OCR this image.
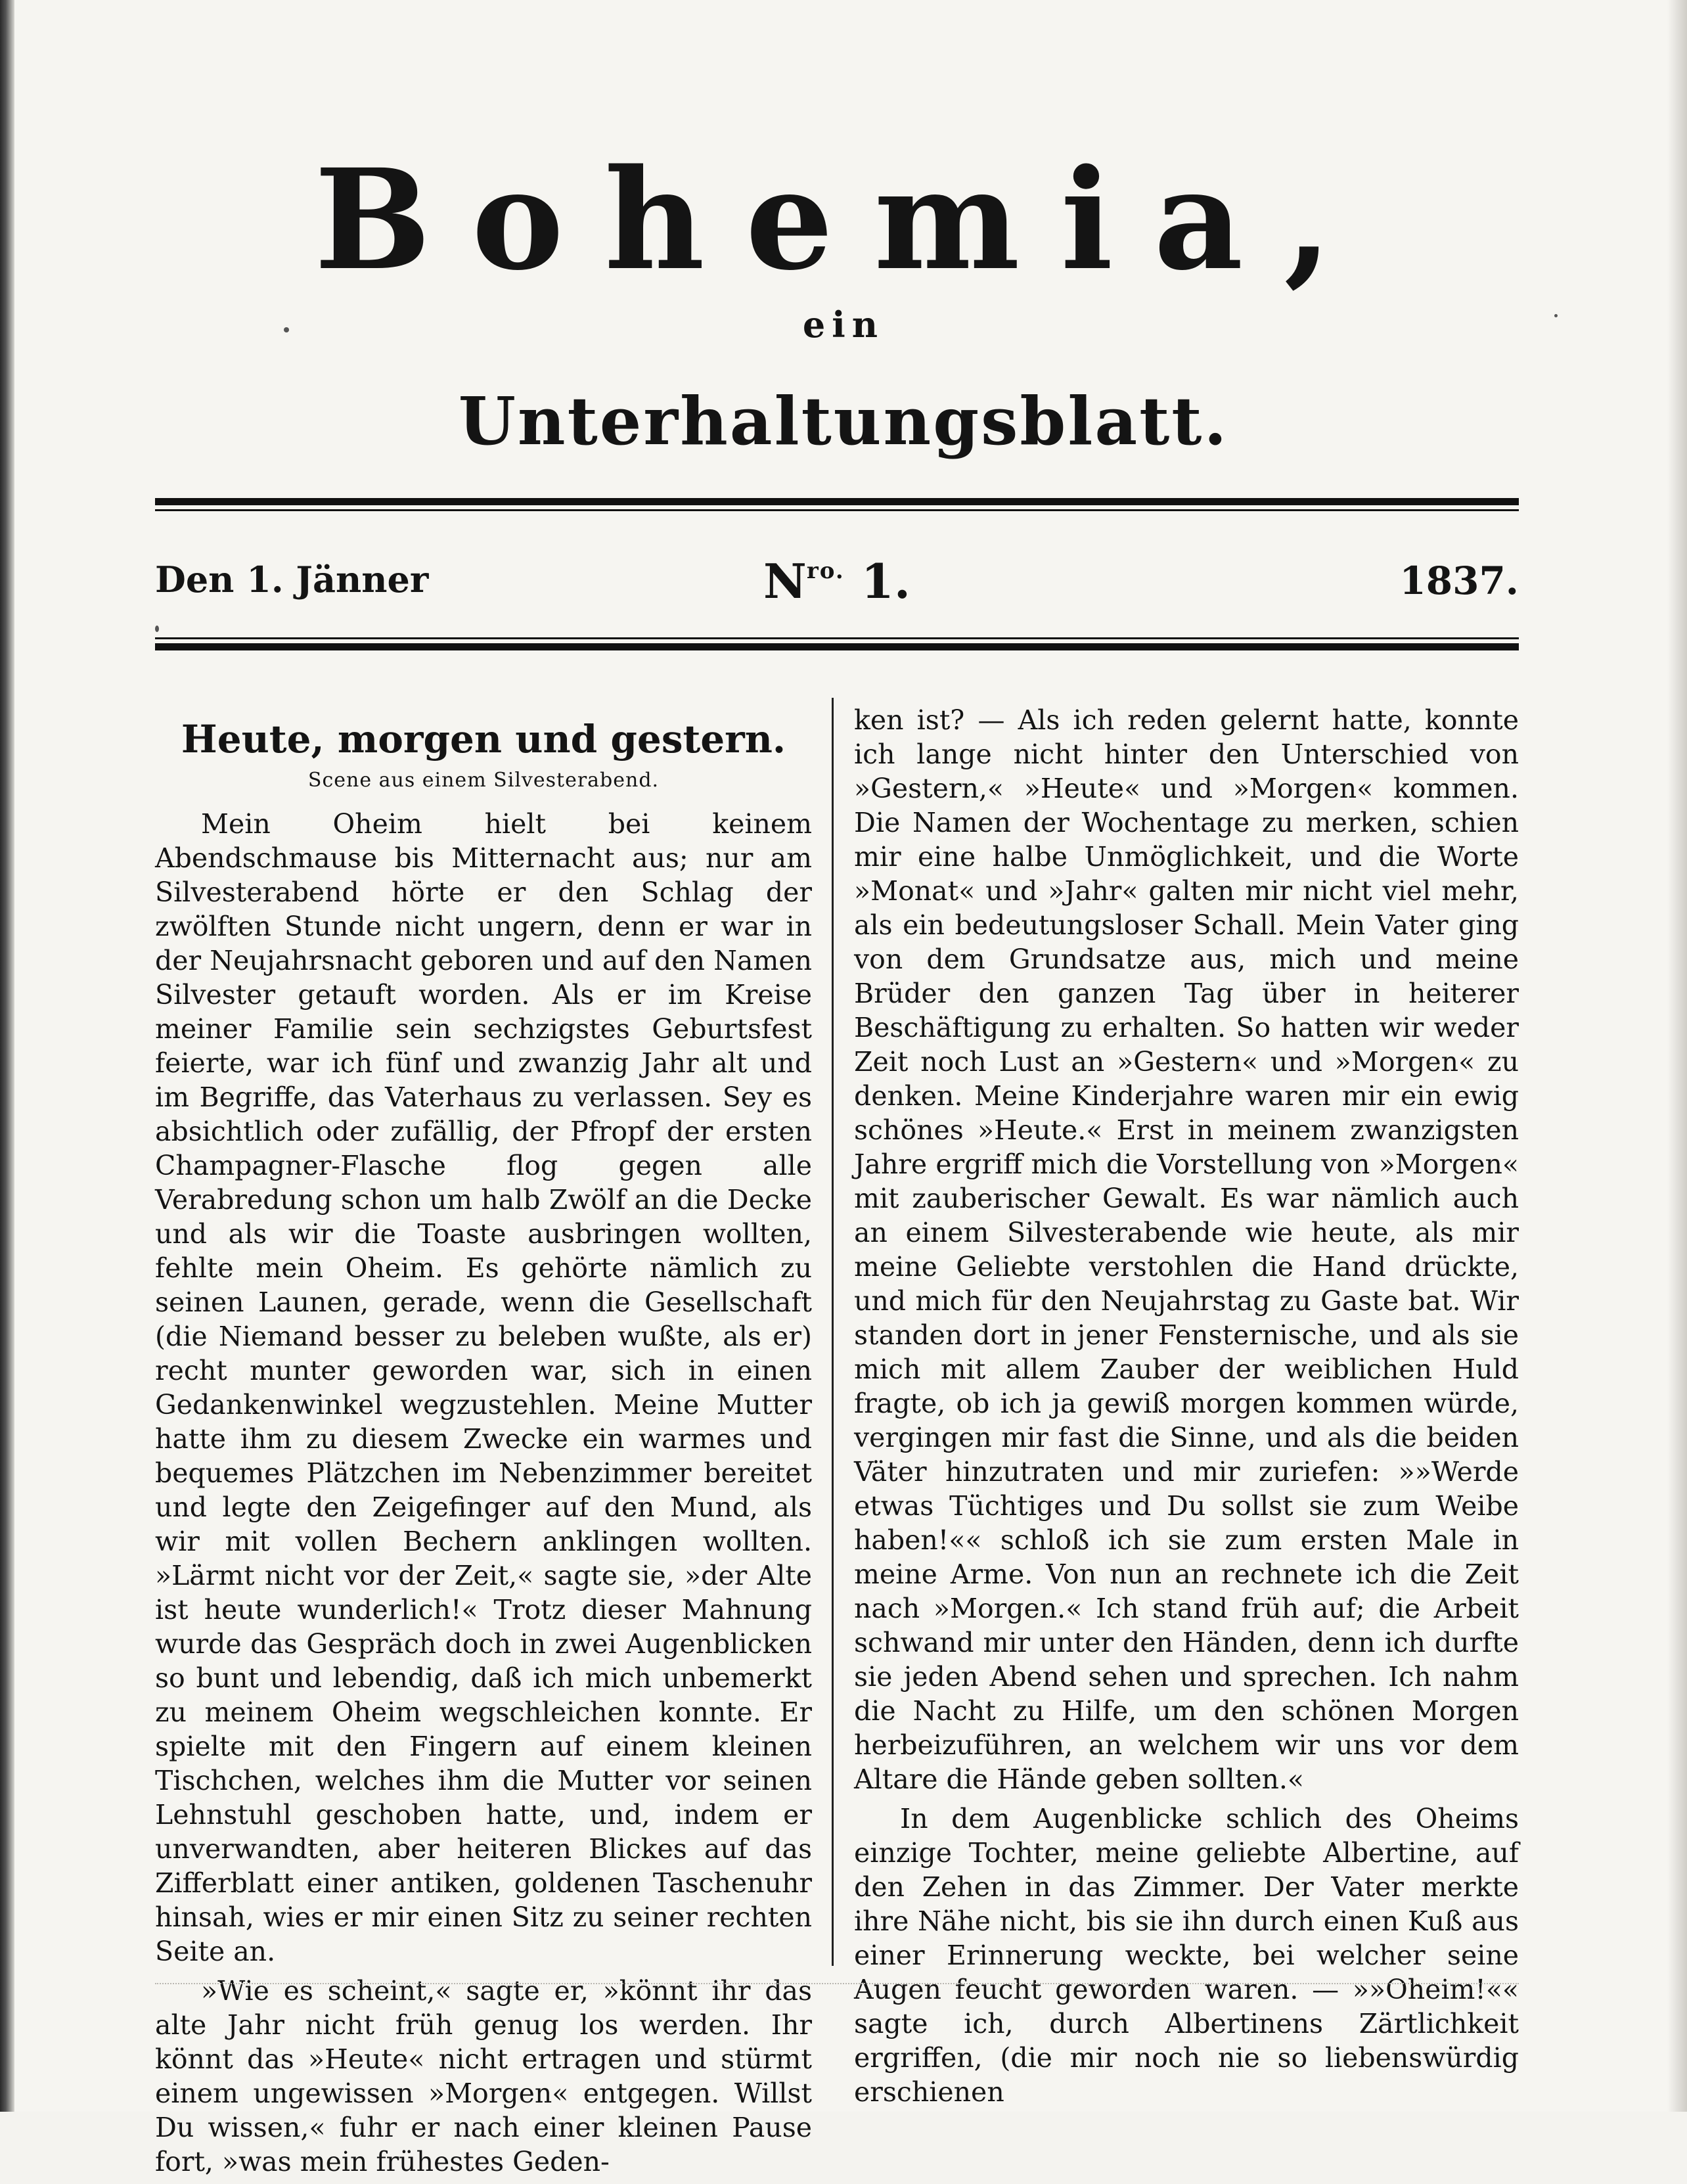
Bohemia,
ein
Unterhaltungsblatt.
Den 1. Jänner	$N^{ro.}$ 1.	1837.
Heute, morgen und gestern.
Scene aus einem Silvesterabend.

Mein Oheim hielt bei keinem Abendschmause bis Mitternacht aus; nur am Silvesterabend hörte er den Schlag der zwölften Stunde nicht ungern, denn er war in der Neujahrsnacht geboren und auf den Namen Silvester getauft worden. Als er im Kreise meiner Familie sein sechzigstes Geburtsfest feierte, war ich fünf und zwanzig Jahr alt und im Begriffe, das Vaterhaus zu verlassen. Sey es absichtlich oder zufällig, der Pfropf der ersten Champagner-Flasche flog gegen alle Verabredung schon um halb Zwölf an die Decke und als wir die Toaste ausbringen wollten, fehlte mein Oheim. Es gehörte nämlich zu seinen Launen, gerade, wenn die Gesellschaft (die Niemand besser zu beleben wußte, als er) recht munter geworden war, sich in einen Gedankenwinkel wegzustehlen. Meine Mutter hatte ihm zu diesem Zwecke ein warmes und bequemes Plätzchen im Nebenzimmer bereitet und legte den Zeigefinger auf den Mund, als wir mit vollen Bechern anklingen wollten. »Lärmt nicht vor der Zeit,« sagte sie, »der Alte ist heute wunderlich!« Trotz dieser Mahnung wurde das Gespräch doch in zwei Augenblicken so bunt und lebendig, daß ich mich unbemerkt zu meinem Oheim wegschleichen konnte. Er spielte mit den Fingern auf einem kleinen Tischchen, welches ihm die Mutter vor seinen Lehnstuhl geschoben hatte, und, indem er unverwandten, aber heiteren Blickes auf das Zifferblatt einer antiken, goldenen Taschenuhr hinsah, wies er mir einen Sitz zu seiner rechten Seite an.

»Wie es scheint,« sagte er, »könnt ihr das alte Jahr nicht früh genug los werden. Ihr könnt das »Heute« nicht ertragen und stürmt einem ungewissen »Morgen« entgegen. Willst Du wissen,« fuhr er nach einer kleinen Pause fort, »was mein frühestes Geden-

ken ist? — Als ich reden gelernt hatte, konnte ich lange nicht hinter den Unterschied von »Gestern,« »Heute« und »Morgen« kommen. Die Namen der Wochentage zu merken, schien mir eine halbe Unmöglichkeit, und die Worte »Monat« und »Jahr« galten mir nicht viel mehr, als ein bedeutungsloser Schall. Mein Vater ging von dem Grundsatze aus, mich und meine Brüder den ganzen Tag über in heiterer Beschäftigung zu erhalten. So hatten wir weder Zeit noch Lust an »Gestern« und »Morgen« zu denken. Meine Kinderjahre waren mir ein ewig schönes »Heute.« Erst in meinem zwanzigsten Jahre ergriff mich die Vorstellung von »Morgen« mit zauberischer Gewalt. Es war nämlich auch an einem Silvesterabende wie heute, als mir meine Geliebte verstohlen die Hand drückte, und mich für den Neujahrstag zu Gaste bat. Wir standen dort in jener Fensternische, und als sie mich mit allem Zauber der weiblichen Huld fragte, ob ich ja gewiß morgen kommen würde, vergingen mir fast die Sinne, und als die beiden Väter hinzutraten und mir zuriefen: »»Werde etwas Tüchtiges und Du sollst sie zum Weibe haben!«« schloß ich sie zum ersten Male in meine Arme. Von nun an rechnete ich die Zeit nach »Morgen.« Ich stand früh auf; die Arbeit schwand mir unter den Händen, denn ich durfte sie jeden Abend sehen und sprechen. Ich nahm die Nacht zu Hilfe, um den schönen Morgen herbeizuführen, an welchem wir uns vor dem Altare die Hände geben sollten.«

In dem Augenblicke schlich des Oheims einzige Tochter, meine geliebte Albertine, auf den Zehen in das Zimmer. Der Vater merkte ihre Nähe nicht, bis sie ihn durch einen Kuß aus einer Erinnerung weckte, bei welcher seine Augen feucht geworden waren. — »»Oheim!«« sagte ich, durch Albertinens Zärtlichkeit ergriffen, (die mir noch nie so liebenswürdig erschienen
